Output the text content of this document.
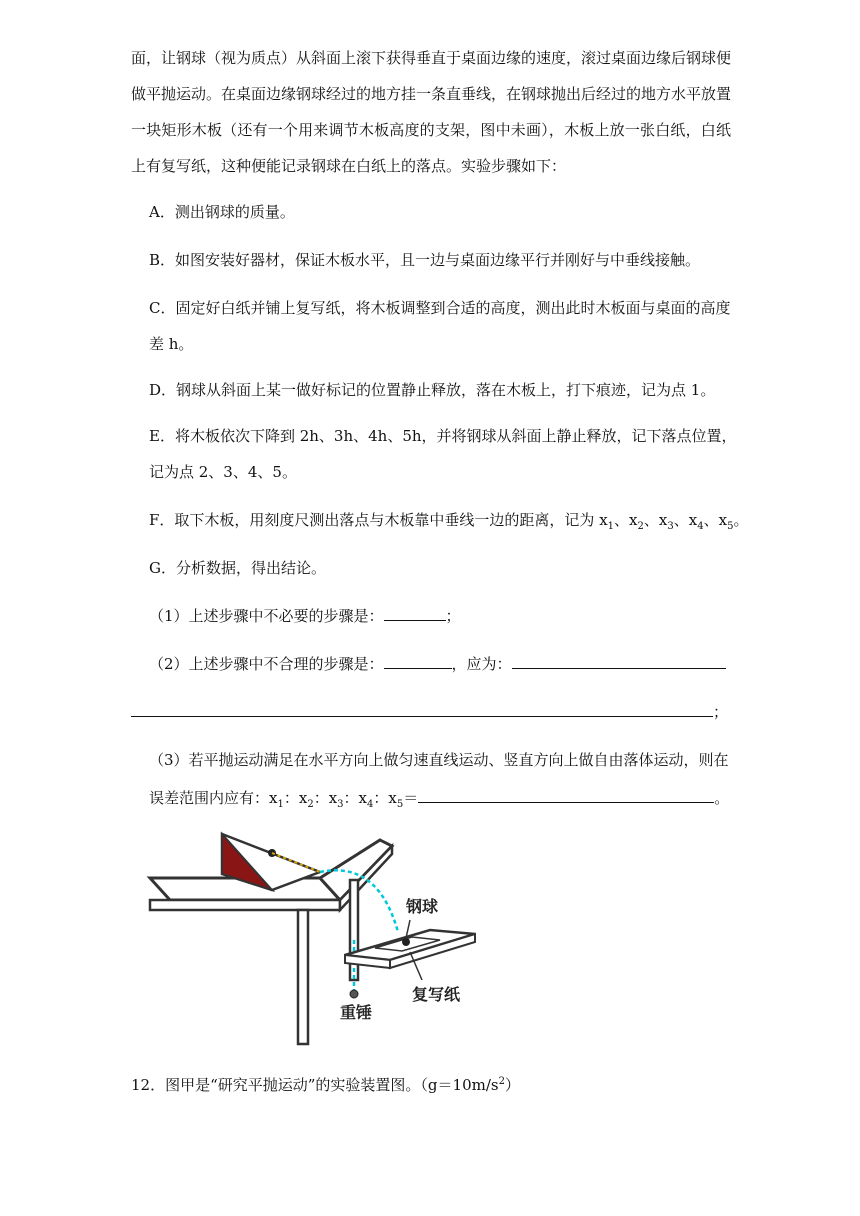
面，让钢球（视为质点）从斜面上滚下获得垂直于桌面边缘的速度，滚过桌面边缘后钢球便做平抛运动。在桌面边缘钢球经过的地方挂一条直垂线，在钢球抛出后经过的地方水平放置一块矩形木板（还有一个用来调节木板高度的支架，图中未画），木板上放一张白纸，白纸上有复写纸，这种便能记录钢球在白纸上的落点。实验步骤如下：

A．测出钢球的质量。

B．如图安装好器材，保证木板水平，且一边与桌面边缘平行并刚好与中垂线接触。

C．固定好白纸并铺上复写纸，将木板调整到合适的高度，测出此时木板面与桌面的高度

差 h。

D．钢球从斜面上某一做好标记的位置静止释放，落在木板上，打下痕迹，记为点 1。

E．将木板依次下降到 2h、3h、4h、5h，并将钢球从斜面上静止释放，记下落点位置，

记为点 2、3、4、5。

F．取下木板，用刻度尺测出落点与木板靠中垂线一边的距离，记为 $x_1$、$x_2$、$x_3$、$x_4$、$x_5$。

G．分析数据，得出结论。

（1）上述步骤中不必要的步骤是：	；

（2）上述步骤中不合理的步骤是：	，应为：

；

（3）若平抛运动满足在水平方向上做匀速直线运动、竖直方向上做自由落体运动，则在

误差范围内应有：$x_1$：$x_2$：$x_3$：$x_4$：$x_5=$	。

钢球
复写纸
重锤

12．图甲是“研究平抛运动”的实验装置图。$(g=10m/s^2)$
